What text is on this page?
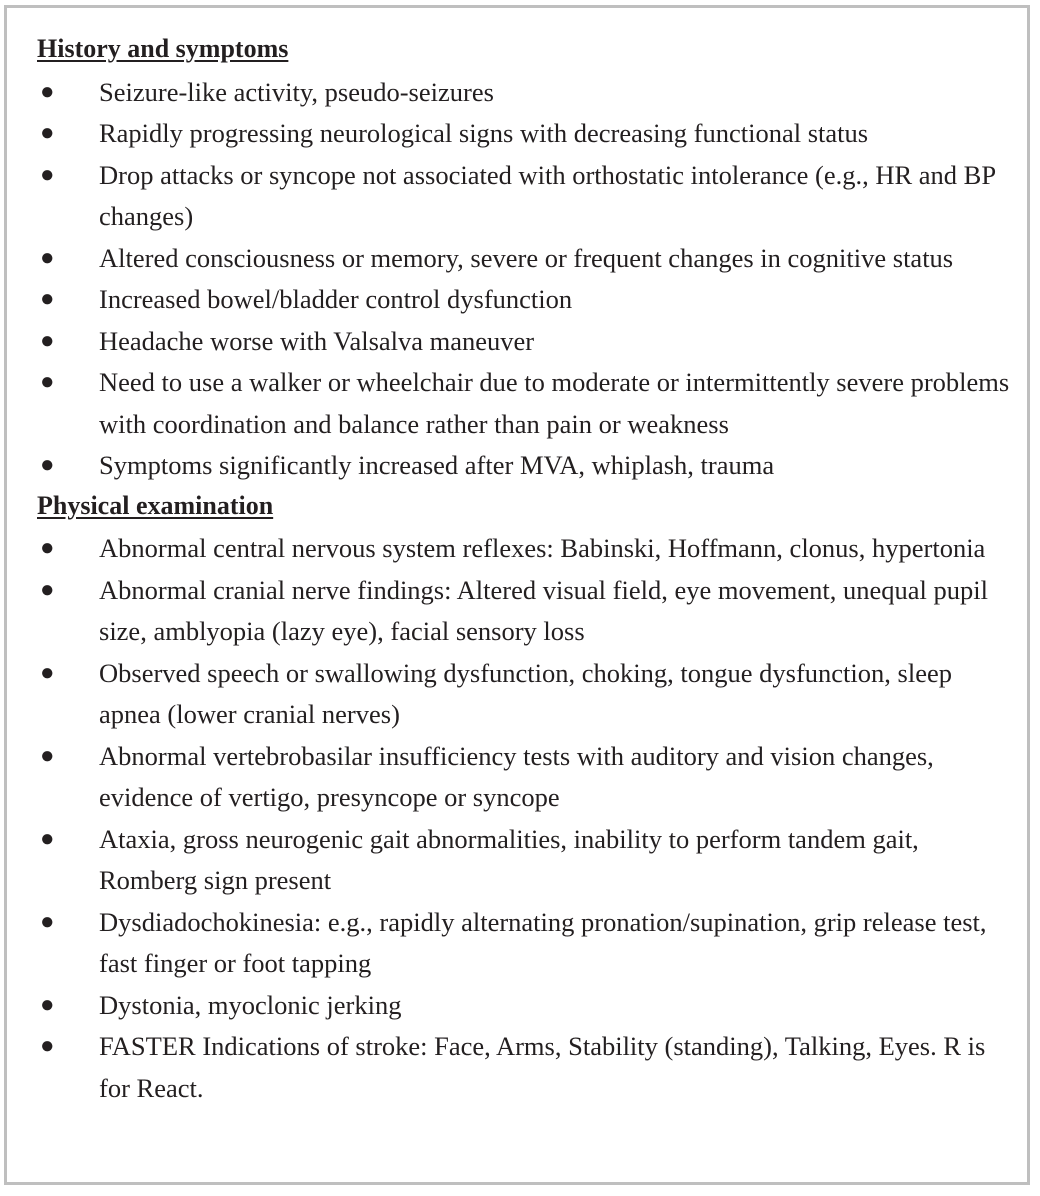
History and symptoms
● Seizure-like activity, pseudo-seizures
● Rapidly progressing neurological signs with decreasing functional status
● Drop attacks or syncope not associated with orthostatic intolerance (e.g., HR and BP changes)
● Altered consciousness or memory, severe or frequent changes in cognitive status
● Increased bowel/bladder control dysfunction
● Headache worse with Valsalva maneuver
● Need to use a walker or wheelchair due to moderate or intermittently severe problems with coordination and balance rather than pain or weakness
● Symptoms significantly increased after MVA, whiplash, trauma
Physical examination
● Abnormal central nervous system reflexes: Babinski, Hoffmann, clonus, hypertonia
● Abnormal cranial nerve findings: Altered visual field, eye movement, unequal pupil size, amblyopia (lazy eye), facial sensory loss
● Observed speech or swallowing dysfunction, choking, tongue dysfunction, sleep apnea (lower cranial nerves)
● Abnormal vertebrobasilar insufficiency tests with auditory and vision changes, evidence of vertigo, presyncope or syncope
● Ataxia, gross neurogenic gait abnormalities, inability to perform tandem gait, Romberg sign present
● Dysdiadochokinesia: e.g., rapidly alternating pronation/supination, grip release test, fast finger or foot tapping
● Dystonia, myoclonic jerking
● FASTER Indications of stroke: Face, Arms, Stability (standing), Talking, Eyes. R is for React.
